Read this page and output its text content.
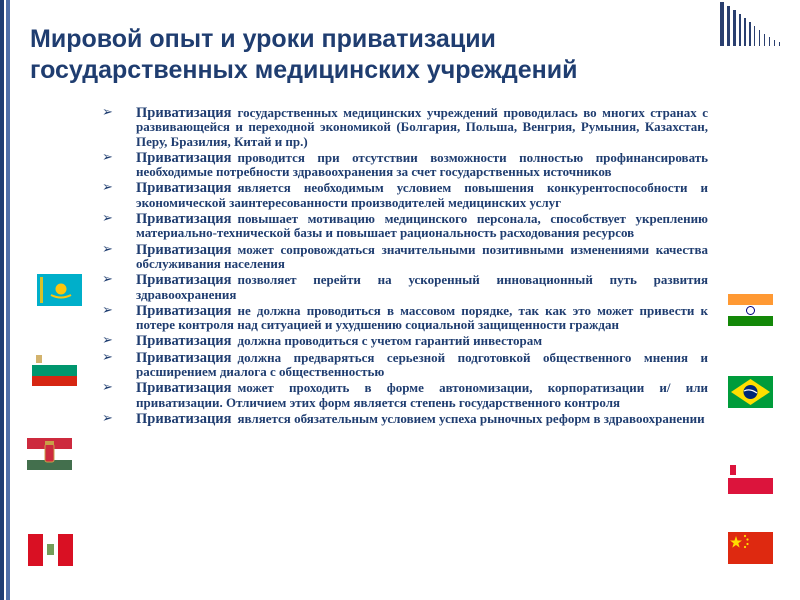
Мировой опыт и уроки приватизации
государственных медицинских учреждений
➢ Приватизация государственных медицинских учреждений проводилась во многих странах с развивающейся и переходной экономикой (Болгария, Польша, Венгрия, Румыния, Казахстан, Перу, Бразилия, Китай и пр.)
➢ Приватизация проводится при отсутствии возможности полностью профинансировать необходимые потребности здравоохранения за счет государственных источников
➢ Приватизация является необходимым условием повышения конкурентоспособности и экономической заинтересованности производителей медицинских услуг
➢ Приватизация повышает мотивацию медицинского персонала, способствует укреплению материально-технической базы и повышает рациональность расходования ресурсов
➢ Приватизация может сопровождаться значительными позитивными изменениями качества обслуживания населения
➢ Приватизация позволяет перейти на ускоренный инновационный путь развития здравоохранения
➢ Приватизация не должна проводиться в массовом порядке, так как это может привести к потере контроля над ситуацией и ухудшению социальной защищенности граждан
➢ Приватизация должна проводиться с учетом гарантий инвесторам
➢ Приватизация должна предваряться серьезной подготовкой общественного мнения и расширением диалога с общественностью
➢ Приватизация может проходить в форме автономизации, корпоратизации и/ или приватизации. Отличием этих форм является степень государственного контроля
➢ Приватизация является обязательным условием успеха рыночных реформ в здравоохранении
